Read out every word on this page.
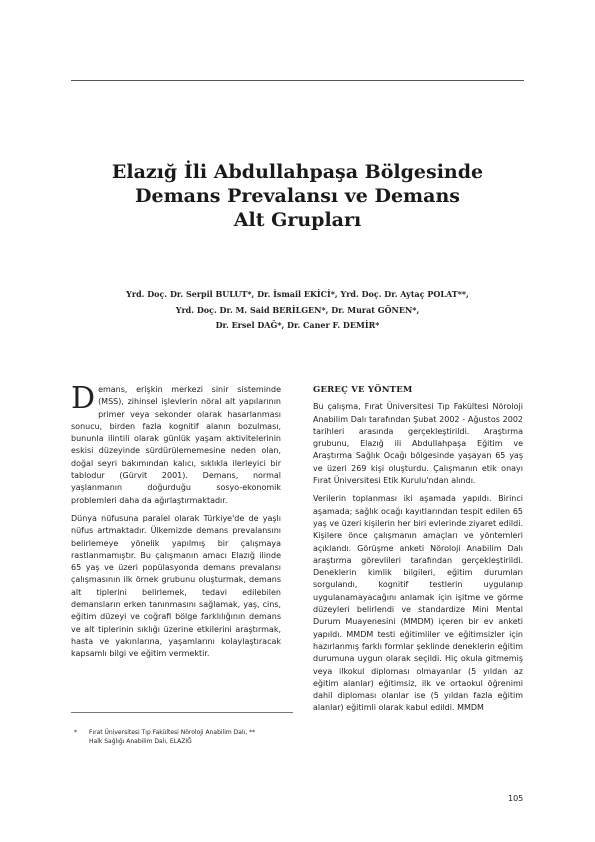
Elazığ İli Abdullahpaşa Bölgesinde
Demans Prevalansı ve Demans
Alt Grupları
Yrd. Doç. Dr. Serpil BULUT*, Dr. İsmail EKİCİ*, Yrd. Doç. Dr. Aytaç POLAT**,
Yrd. Doç. Dr. M. Said BERİLGEN*, Dr. Murat GÖNEN*,
Dr. Ersel DAĞ*, Dr. Caner F. DEMİR*

Demans, erişkin merkezi sinir sisteminde (MSS), zihinsel işlevlerin nöral alt yapılarının primer veya sekonder olarak hasarlanması sonucu, birden fazla kognitif alanın bozulması, bununla ilintili olarak günlük yaşam aktivitelerinin eskisi düzeyinde sürdürülememesine neden olan, doğal seyri bakımından kalıcı, sıklıkla ilerleyici bir tablodur (Gürvit 2001). Demans, normal yaşlanmanın doğurduğu sosyo-ekonomik problemleri daha da ağırlaştırmaktadır.

Dünya nüfusuna paralel olarak Türkiye'de de yaşlı nüfus artmaktadır. Ülkemizde demans prevalansını belirlemeye yönelik yapılmış bir çalışmaya rastlanmamıştır. Bu çalışmanın amacı Elazığ ilinde 65 yaş ve üzeri popülasyonda demans prevalansı çalışmasının ilk örnek grubunu oluşturmak, demans alt tiplerini belirlemek, tedavi edilebilen demansların erken tanınmasını sağlamak, yaş, cins, eğitim düzeyi ve coğrafi bölge farklılığının demans ve alt tiplerinin sıklığı üzerine etkilerini araştırmak, hasta ve yakınlarına, yaşamlarını kolaylaştıracak kapsamlı bilgi ve eğitim vermektir.

GEREÇ VE YÖNTEM

Bu çalışma, Fırat Üniversitesi Tıp Fakültesi Nöroloji Anabilim Dalı tarafından Şubat 2002 - Ağustos 2002 tarihleri arasında gerçekleştirildi. Araştırma grubunu, Elazığ ili Abdullahpaşa Eğitim ve Araştırma Sağlık Ocağı bölgesinde yaşayan 65 yaş ve üzeri 269 kişi oluşturdu. Çalışmanın etik onayı Fırat Üniversitesi Etik Kurulu'ndan alındı.

Verilerin toplanması iki aşamada yapıldı. Birinci aşamada; sağlık ocağı kayıtlarından tespit edilen 65 yaş ve üzeri kişilerin her biri evlerinde ziyaret edildi. Kişilere önce çalışmanın amaçları ve yöntemleri açıklandı. Görüşme anketi Nöroloji Anabilim Dalı araştırma görevlileri tarafından gerçekleştirildi. Deneklerin kimlik bilgileri, eğitim durumları sorgulandı, kognitif testlerin uygulanıp uygulanamayacağını anlamak için işitme ve görme düzeyleri belirlendi ve standardize Mini Mental Durum Muayenesini (MMDM) içeren bir ev anketi yapıldı. MMDM testi eğitimliler ve eğitimsizler için hazırlanmış farklı formlar şeklinde deneklerin eğitim durumuna uygun olarak seçildi. Hiç okula gitmemiş veya ilkokul diploması olmayanlar (5 yıldan az eğitim alanlar) eğitimsiz, ilk ve ortaokul öğrenimi dahil diploması olanlar ise (5 yıldan fazla eğitim alanlar) eğitimli olarak kabul edildi. MMDM

* Fırat Üniversitesi Tıp Fakültesi Nöroloji Anabilim Dalı, **
Halk Sağlığı Anabilim Dalı, ELAZIĞ
105
